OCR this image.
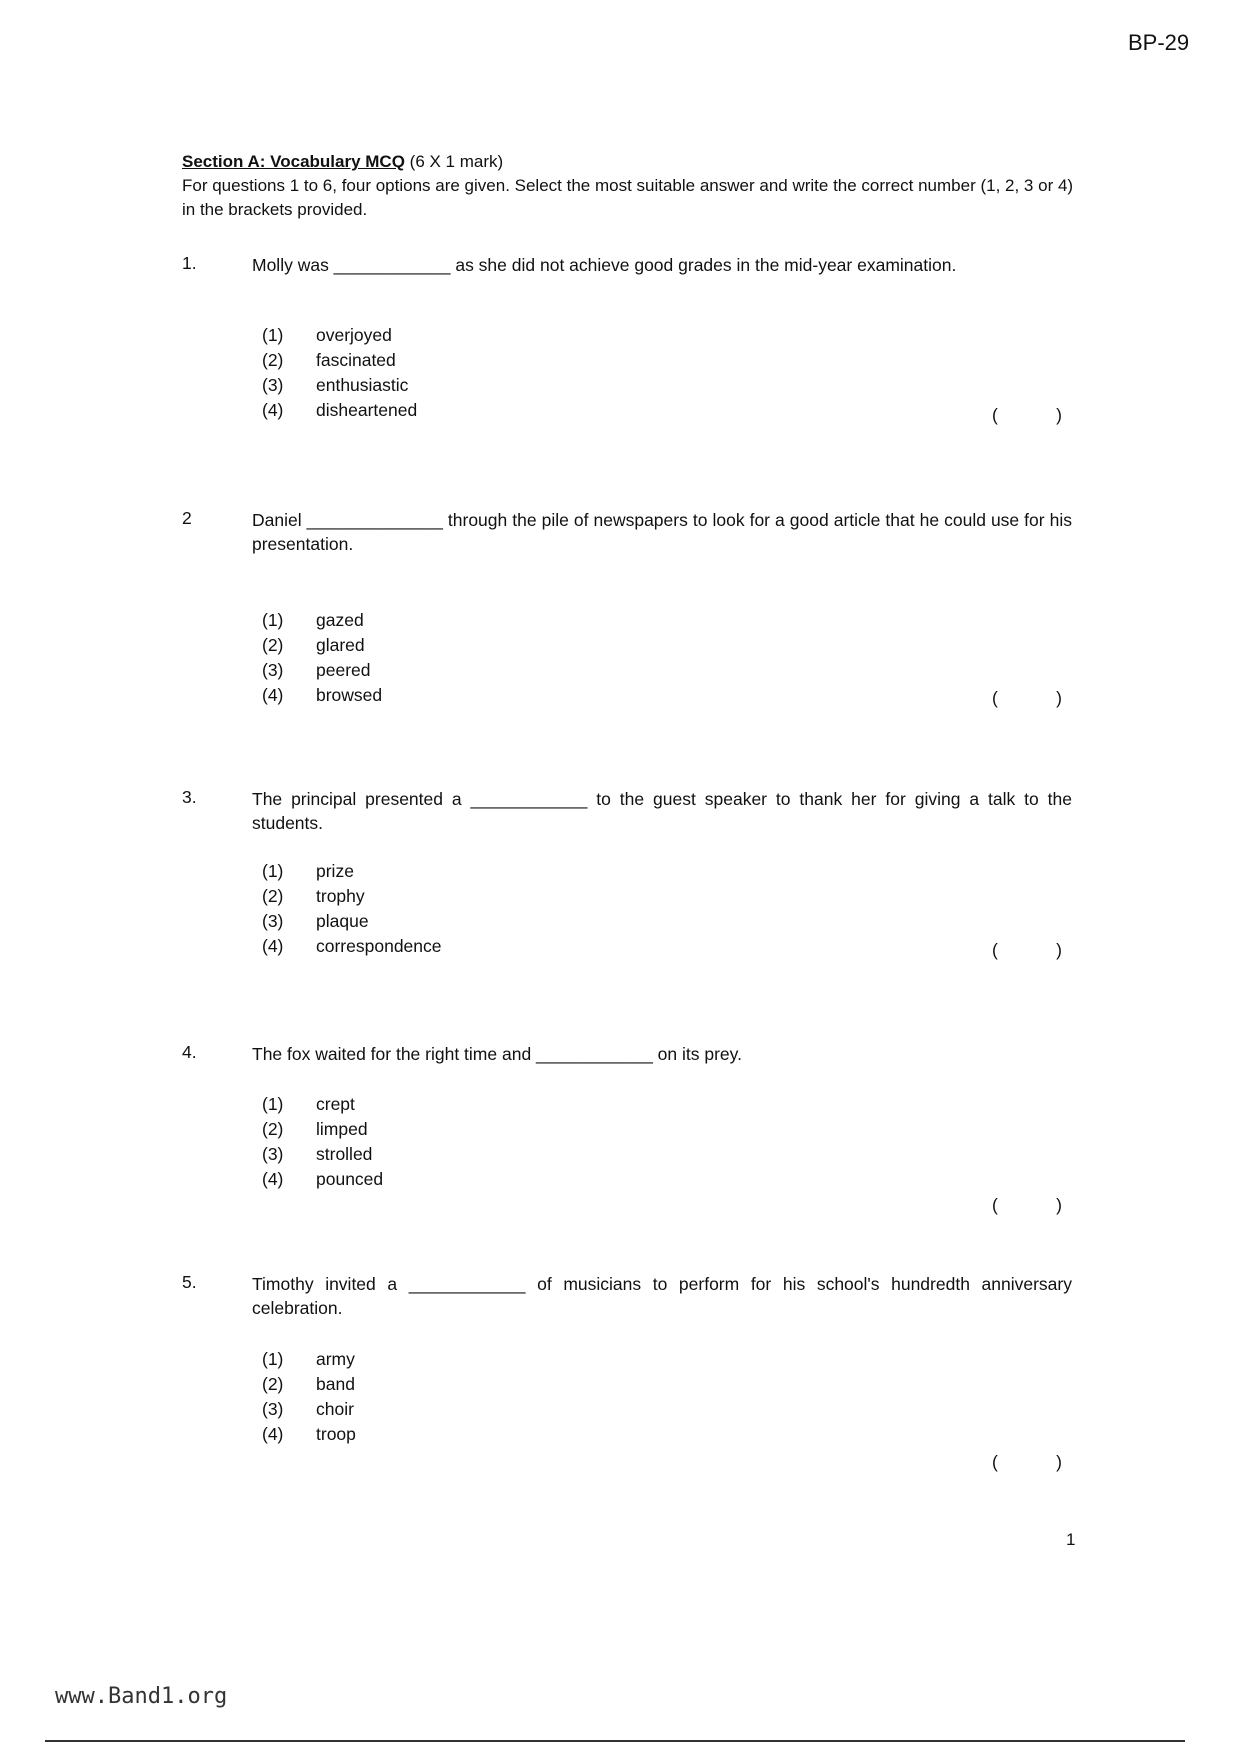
BP-29
Section A: Vocabulary MCQ (6 X 1 mark)
For questions 1 to 6, four options are given. Select the most suitable answer and write the correct number (1, 2, 3 or 4) in the brackets provided.
1.	Molly was ____________ as she did not achieve good grades in the mid-year examination.
(1) overjoyed
(2) fascinated
(3) enthusiastic
(4) disheartened	(	)
2	Daniel ______________ through the pile of newspapers to look for a good article that he could use for his presentation.
(1) gazed
(2) glared
(3) peered
(4) browsed	(	)
3.	The principal presented a ____________ to the guest speaker to thank her for giving a talk to the students.
(1) prize
(2) trophy
(3) plaque
(4) correspondence	(	)
4.	The fox waited for the right time and ____________ on its prey.
(1) crept
(2) limped
(3) strolled
(4) pounced
(	)
5.	Timothy invited a ____________ of musicians to perform for his school's hundredth anniversary celebration.
(1) army
(2) band
(3) choir
(4) troop
(	)
1
www.Band1.org
